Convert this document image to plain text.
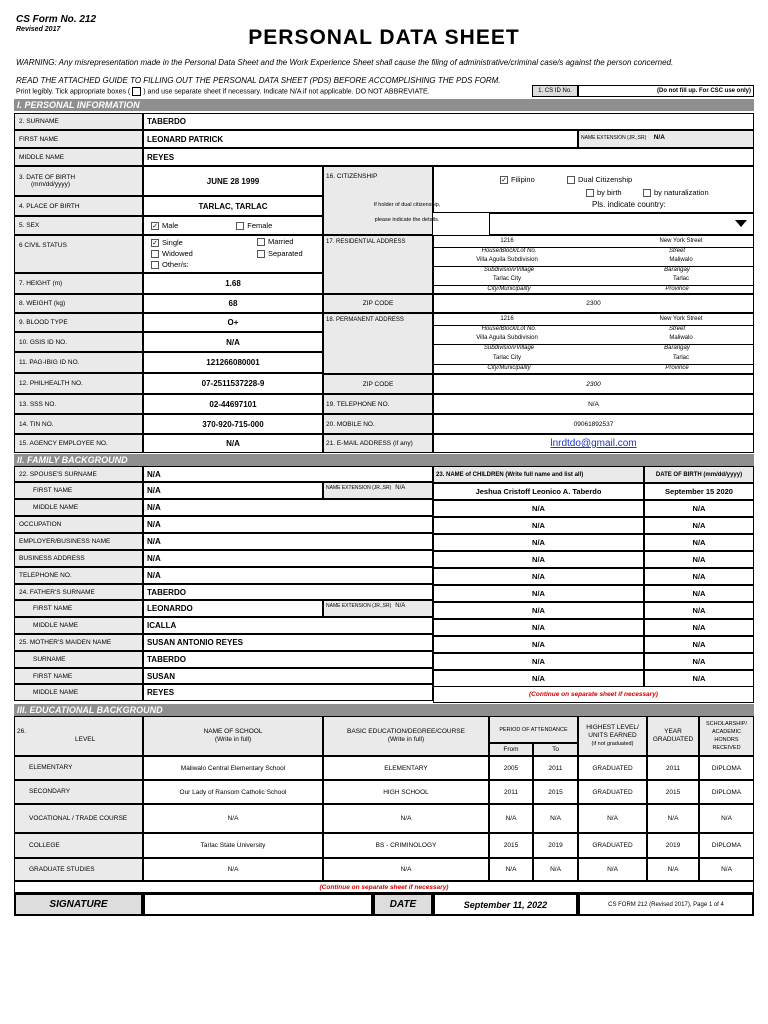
CS Form No. 212
Revised 2017	PERSONAL DATA SHEET
WARNING: Any misrepresentation made in the Personal Data Sheet and the Work Experience Sheet shall cause the filing of administrative/criminal case/s against the person concerned.
READ THE ATTACHED GUIDE TO FILLING OUT THE PERSONAL DATA SHEET (PDS) BEFORE ACCOMPLISHING THE PDS FORM.
Print legibly. Tick appropriate boxes ( ) and use separate sheet if necessary. Indicate N/A if not applicable. DO NOT ABBREVIATE.	1. CS ID No.	(Do not fill up. For CSC use only)
I. PERSONAL INFORMATION
2. SURNAME	TABERDO
FIRST NAME	LEONARD PATRICK	NAME EXTENSION (JR.,SR) N/A
MIDDLE NAME	REYES
3. DATE OF BIRTH
(mm/dd/yyyy)	JUNE 28 1999
4. PLACE OF BIRTH	TARLAC, TARLAC
5. SEX	✓ Male	Female
6 CIVIL STATUS	✓ Single	Married
Widowed	Separated
Other/s:
7. HEIGHT (m)	1.68
8. WEIGHT (kg)	68
9. BLOOD TYPE	O+
10. GSIS ID NO.	N/A
11. PAG-IBIG ID NO.	121266080001
12. PHILHEALTH NO.	07-2511537228-9
13. SSS NO.	02-44697101
14. TIN NO.	370-920-715-000
15. AGENCY EMPLOYEE NO.	N/A
16. CITIZENSHIP
If holder of dual citizenship,
please indicate the details.
✓ Filipino	Dual Citizenship
by birth	by naturalization
Pls. indicate country:
17. RESIDENTIAL ADDRESS	1216	New York Street
House/Block/Lot No.	Street
Villa Aguila Subdivision	Maliwalo
Subdivision/Village	Barangay
Tarlac City	Tarlac
City/Municipality	Province
ZIP CODE	2300
18. PERMANENT ADDRESS	1216	New York Street
House/Block/Lot No.	Street
Villa Aguila Subdivision	Maliwalo
Subdivision/Village	Barangay
Tarlac City	Tarlac
City/Municipality	Province
ZIP CODE	2300
19. TELEPHONE NO.	N/A
20. MOBILE NO.	09061892537
21. E-MAIL ADDRESS (if any)	lnrdtdo@gmail.com
II. FAMILY BACKGROUND
22. SPOUSE'S SURNAME	N/A
FIRST NAME	N/A	NAME EXTENSION (JR.,SR) N/A
MIDDLE NAME	N/A
OCCUPATION	N/A
EMPLOYER/BUSINESS NAME	N/A
BUSINESS ADDRESS	N/A
TELEPHONE NO.	N/A
24. FATHER'S SURNAME	TABERDO
FIRST NAME	LEONARDO	NAME EXTENSION (JR.,SR) N/A
MIDDLE NAME	ICALLA
25. MOTHER'S MAIDEN NAME	SUSAN ANTONIO REYES
SURNAME	TABERDO
FIRST NAME	SUSAN
MIDDLE NAME	REYES
23. NAME of CHILDREN (Write full name and list all)	DATE OF BIRTH (mm/dd/yyyy)
Jeshua Cristoff Leonico A. Taberdo	September 15 2020
N/A	N/A
N/A	N/A
N/A	N/A
N/A	N/A
N/A	N/A
N/A	N/A
N/A	N/A
N/A	N/A
N/A	N/A
N/A	N/A
N/A	N/A
(Continue on separate sheet if necessary)
III. EDUCATIONAL BACKGROUND
26.
LEVEL
NAME OF SCHOOL
(Write in full)
BASIC EDUCATION/DEGREE/COURSE
(Write in full)
PERIOD OF ATTENDANCE
From	To
HIGHEST LEVEL/ UNITS EARNED
(if not graduated)
YEAR GRADUATED
SCHOLARSHIP/ ACADEMIC HONORS RECEIVED
ELEMENTARY	Maliwalo Central Elementary School	ELEMENTARY	2005	2011	GRADUATED	2011	DIPLOMA
SECONDARY	Our Lady of Ransom Catholic School	HIGH SCHOOL	2011	2015	GRADUATED	2015	DIPLOMA
VOCATIONAL / TRADE COURSE	N/A	N/A	N/A	N/A	N/A	N/A	N/A
COLLEGE	Tarlac State University	BS - CRIMINOLOGY	2015	2019	GRADUATED	2019	DIPLOMA
GRADUATE STUDIES	N/A	N/A	N/A	N/A	N/A	N/A	N/A
(Continue on separate sheet if necessary)
SIGNATURE	DATE	September 11, 2022	CS FORM 212 (Revised 2017), Page 1 of 4
